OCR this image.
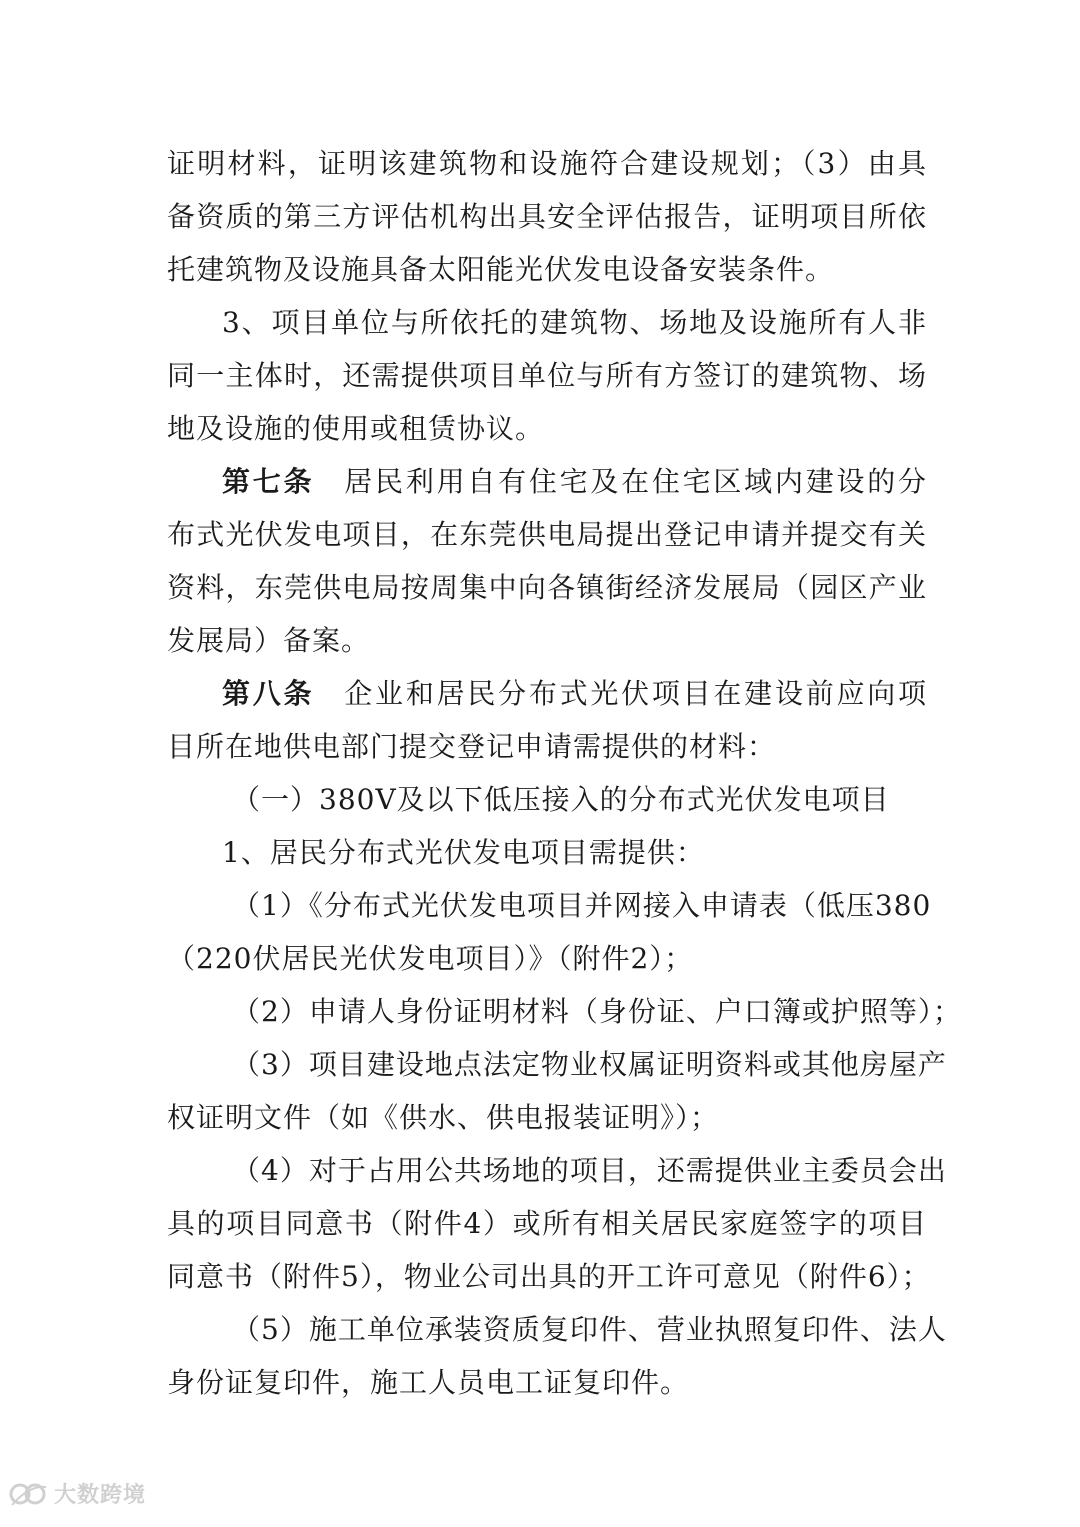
证明材料，证明该建筑物和设施符合建设规划；（3）由具
备资质的第三方评估机构出具安全评估报告，证明项目所依
托建筑物及设施具备太阳能光伏发电设备安装条件。
3、项目单位与所依托的建筑物、场地及设施所有人非
同一主体时，还需提供项目单位与所有方签订的建筑物、场
地及设施的使用或租赁协议。
第七条 居民利用自有住宅及在住宅区域内建设的分
布式光伏发电项目，在东莞供电局提出登记申请并提交有关
资料，东莞供电局按周集中向各镇街经济发展局（园区产业
发展局）备案。
第八条 企业和居民分布式光伏项目在建设前应向项
目所在地供电部门提交登记申请需提供的材料：
（一）380V及以下低压接入的分布式光伏发电项目
1、居民分布式光伏发电项目需提供：
（1）《分布式光伏发电项目并网接入申请表（低压380
（220伏居民光伏发电项目）》（附件2）；
（2）申请人身份证明材料（身份证、户口簿或护照等）；
（3）项目建设地点法定物业权属证明资料或其他房屋产
权证明文件（如《供水、供电报装证明》）；
（4）对于占用公共场地的项目，还需提供业主委员会出
具的项目同意书（附件4）或所有相关居民家庭签字的项目
同意书（附件5），物业公司出具的开工许可意见（附件6）；
（5）施工单位承装资质复印件、营业执照复印件、法人
身份证复印件，施工人员电工证复印件。
大数跨境
